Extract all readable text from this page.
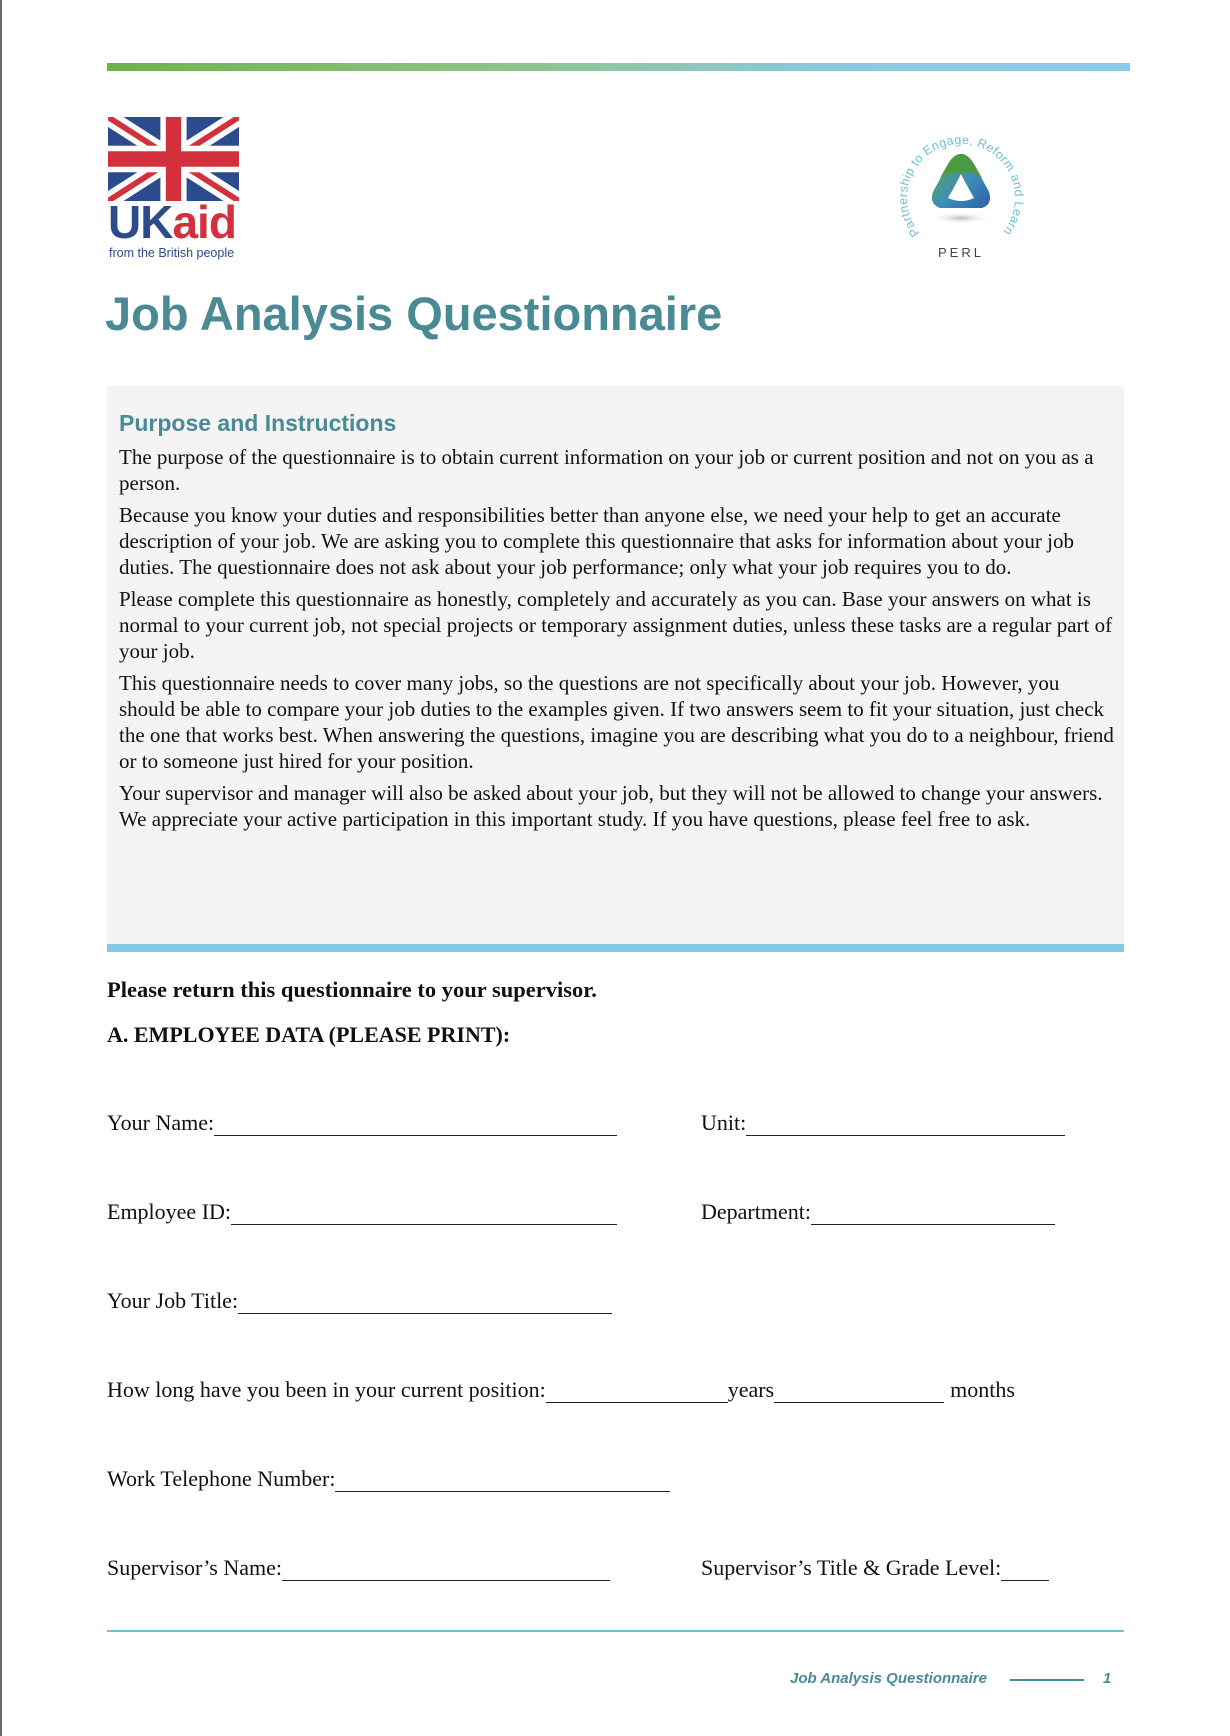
UKaid
from the British people
Partnership to Engage, Reform and Learn
PERL
Job Analysis Questionnaire
Purpose and Instructions

The purpose of the questionnaire is to obtain current information on your job or current position and not on you as a person.

Because you know your duties and responsibilities better than anyone else, we need your help to get an accurate description of your job. We are asking you to complete this questionnaire that asks for information about your job duties. The questionnaire does not ask about your job performance; only what your job requires you to do.

Please complete this questionnaire as honestly, completely and accurately as you can. Base your answers on what is normal to your current job, not special projects or temporary assignment duties, unless these tasks are a regular part of your job.

This questionnaire needs to cover many jobs, so the questions are not specifically about your job. However, you should be able to compare your job duties to the examples given. If two answers seem to fit your situation, just check the one that works best. When answering the questions, imagine you are describing what you do to a neighbour, friend or to someone just hired for your position.

Your supervisor and manager will also be asked about your job, but they will not be allowed to change your answers. We appreciate your active participation in this important study. If you have questions, please feel free to ask.

Please return this questionnaire to your supervisor.

A. EMPLOYEE DATA (PLEASE PRINT):

Your Name:	Unit:
Employee ID:	Department:
Your Job Title:
How long have you been in your current position:	years	months
Work Telephone Number:
Supervisor’s Name:	Supervisor’s Title & Grade Level:
Job Analysis Questionnaire	1
